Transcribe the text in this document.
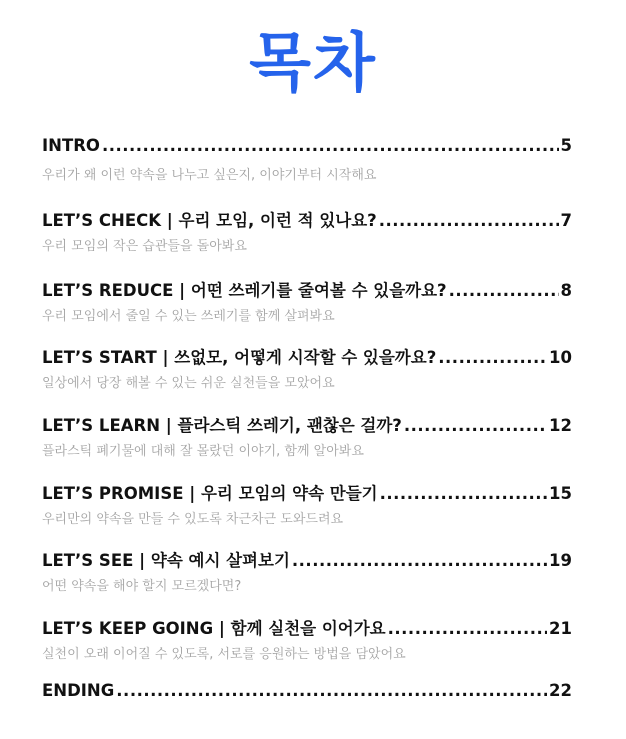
목차
INTRO .....	5
우리가 왜 이런 약속을 나누고 싶은지, 이야기부터 시작해요
LET’S CHECK | 우리 모임, 이런 적 있나요? .....	7
우리 모임의 작은 습관들을 돌아봐요
LET’S REDUCE | 어떤 쓰레기를 줄여볼 수 있을까요? .....	8
우리 모임에서 줄일 수 있는 쓰레기를 함께 살펴봐요
LET’S START | 쓰없모, 어떻게 시작할 수 있을까요? .....	10
일상에서 당장 해볼 수 있는 쉬운 실천들을 모았어요
LET’S LEARN | 플라스틱 쓰레기, 괜찮은 걸까? .....	12
플라스틱 폐기물에 대해 잘 몰랐던 이야기, 함께 알아봐요
LET’S PROMISE | 우리 모임의 약속 만들기 .....	15
우리만의 약속을 만들 수 있도록 차근차근 도와드려요
LET’S SEE | 약속 예시 살펴보기 .....	19
어떤 약속을 해야 할지 모르겠다면?
LET’S KEEP GOING | 함께 실천을 이어가요 .....	21
실천이 오래 이어질 수 있도록, 서로를 응원하는 방법을 담았어요
ENDING .....	22
